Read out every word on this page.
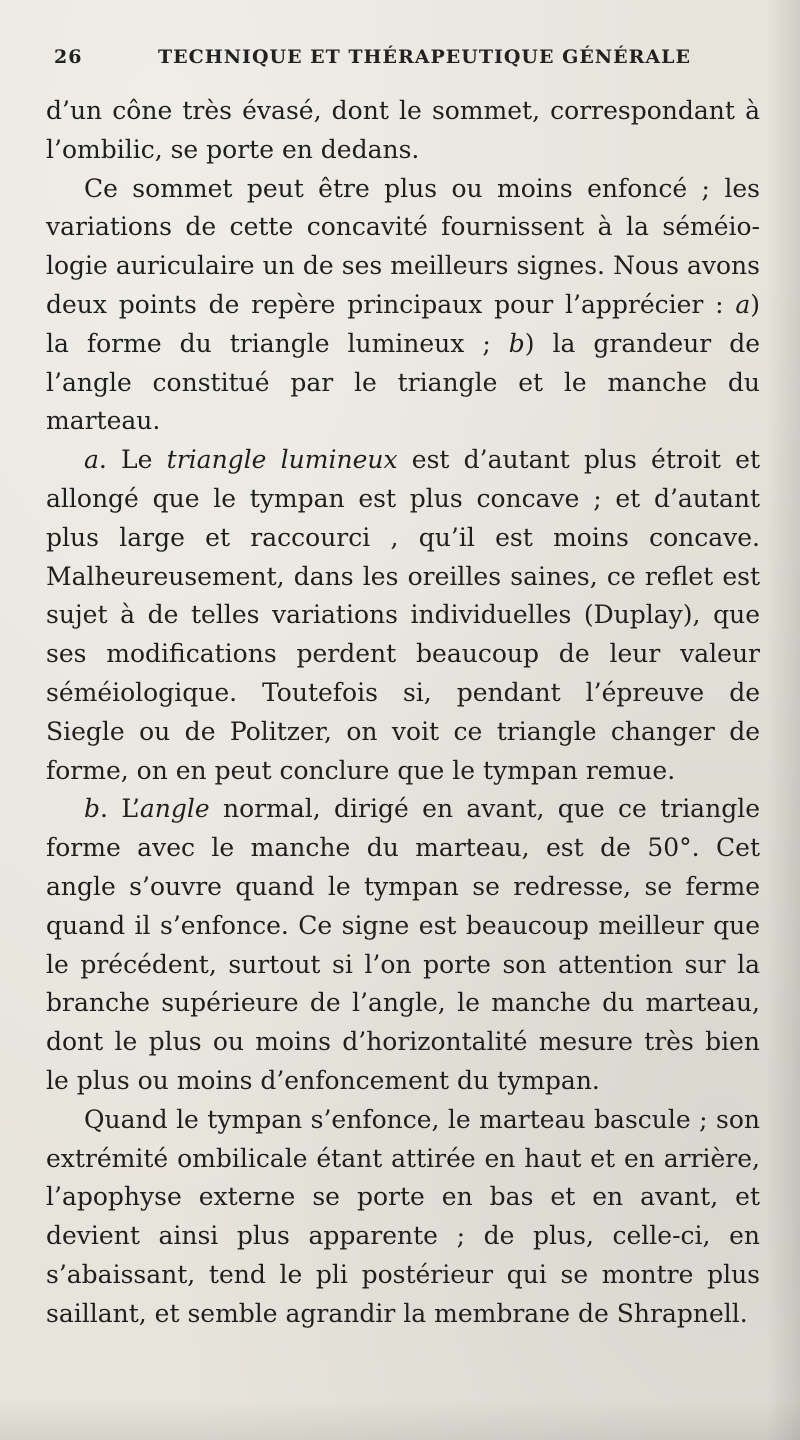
26	TECHNIQUE ET THÉRAPEUTIQUE GÉNÉRALE

d’un cône très évasé, dont le sommet, correspondant à l’ombilic, se porte en dedans.

Ce sommet peut être plus ou moins enfoncé ; les variations de cette concavité fournissent à la séméiologie auriculaire un de ses meilleurs signes. Nous avons deux points de repère principaux pour l’apprécier : a) la forme du triangle lumineux ; b) la grandeur de l’angle constitué par le triangle et le manche du marteau.

a. Le triangle lumineux est d’autant plus étroit et allongé que le tympan est plus concave ; et d’autant plus large et raccourci , qu’il est moins concave. Malheureusement, dans les oreilles saines, ce reflet est sujet à de telles variations individuelles (Duplay), que ses modifications perdent beaucoup de leur valeur séméiologique. Toutefois si, pendant l’épreuve de Siegle ou de Politzer, on voit ce triangle changer de forme, on en peut conclure que le tympan remue.

b. L’angle normal, dirigé en avant, que ce triangle forme avec le manche du marteau, est de 50°. Cet angle s’ouvre quand le tympan se redresse, se ferme quand il s’enfonce. Ce signe est beaucoup meilleur que le précédent, surtout si l’on porte son attention sur la branche supérieure de l’angle, le manche du marteau, dont le plus ou moins d’horizontalité mesure très bien le plus ou moins d’enfoncement du tympan.

Quand le tympan s’enfonce, le marteau bascule ; son extrémité ombilicale étant attirée en haut et en arrière, l’apophyse externe se porte en bas et en avant, et devient ainsi plus apparente ; de plus, celle-ci, en s’abaissant, tend le pli postérieur qui se montre plus saillant, et semble agrandir la membrane de Shrapnell.
